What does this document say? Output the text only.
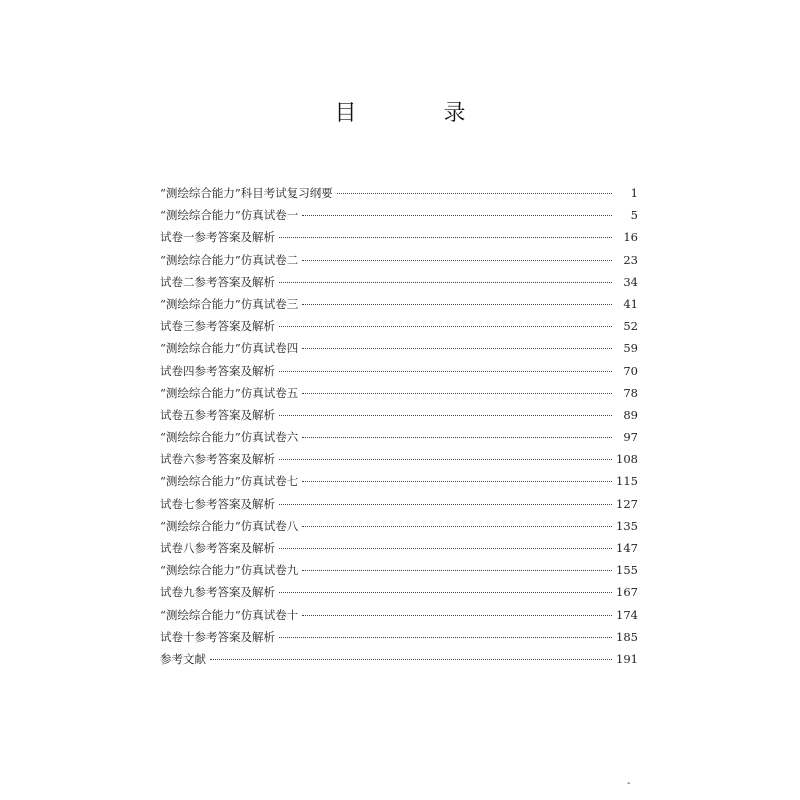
目 录
“测绘综合能力”科目考试复习纲要	1
“测绘综合能力”仿真试卷一	5
试卷一参考答案及解析	16
“测绘综合能力”仿真试卷二	23
试卷二参考答案及解析	34
“测绘综合能力”仿真试卷三	41
试卷三参考答案及解析	52
“测绘综合能力”仿真试卷四	59
试卷四参考答案及解析	70
“测绘综合能力”仿真试卷五	78
试卷五参考答案及解析	89
“测绘综合能力”仿真试卷六	97
试卷六参考答案及解析	108
“测绘综合能力”仿真试卷七	115
试卷七参考答案及解析	127
“测绘综合能力”仿真试卷八	135
试卷八参考答案及解析	147
“测绘综合能力”仿真试卷九	155
试卷九参考答案及解析	167
“测绘综合能力”仿真试卷十	174
试卷十参考答案及解析	185
参考文献	191
-
